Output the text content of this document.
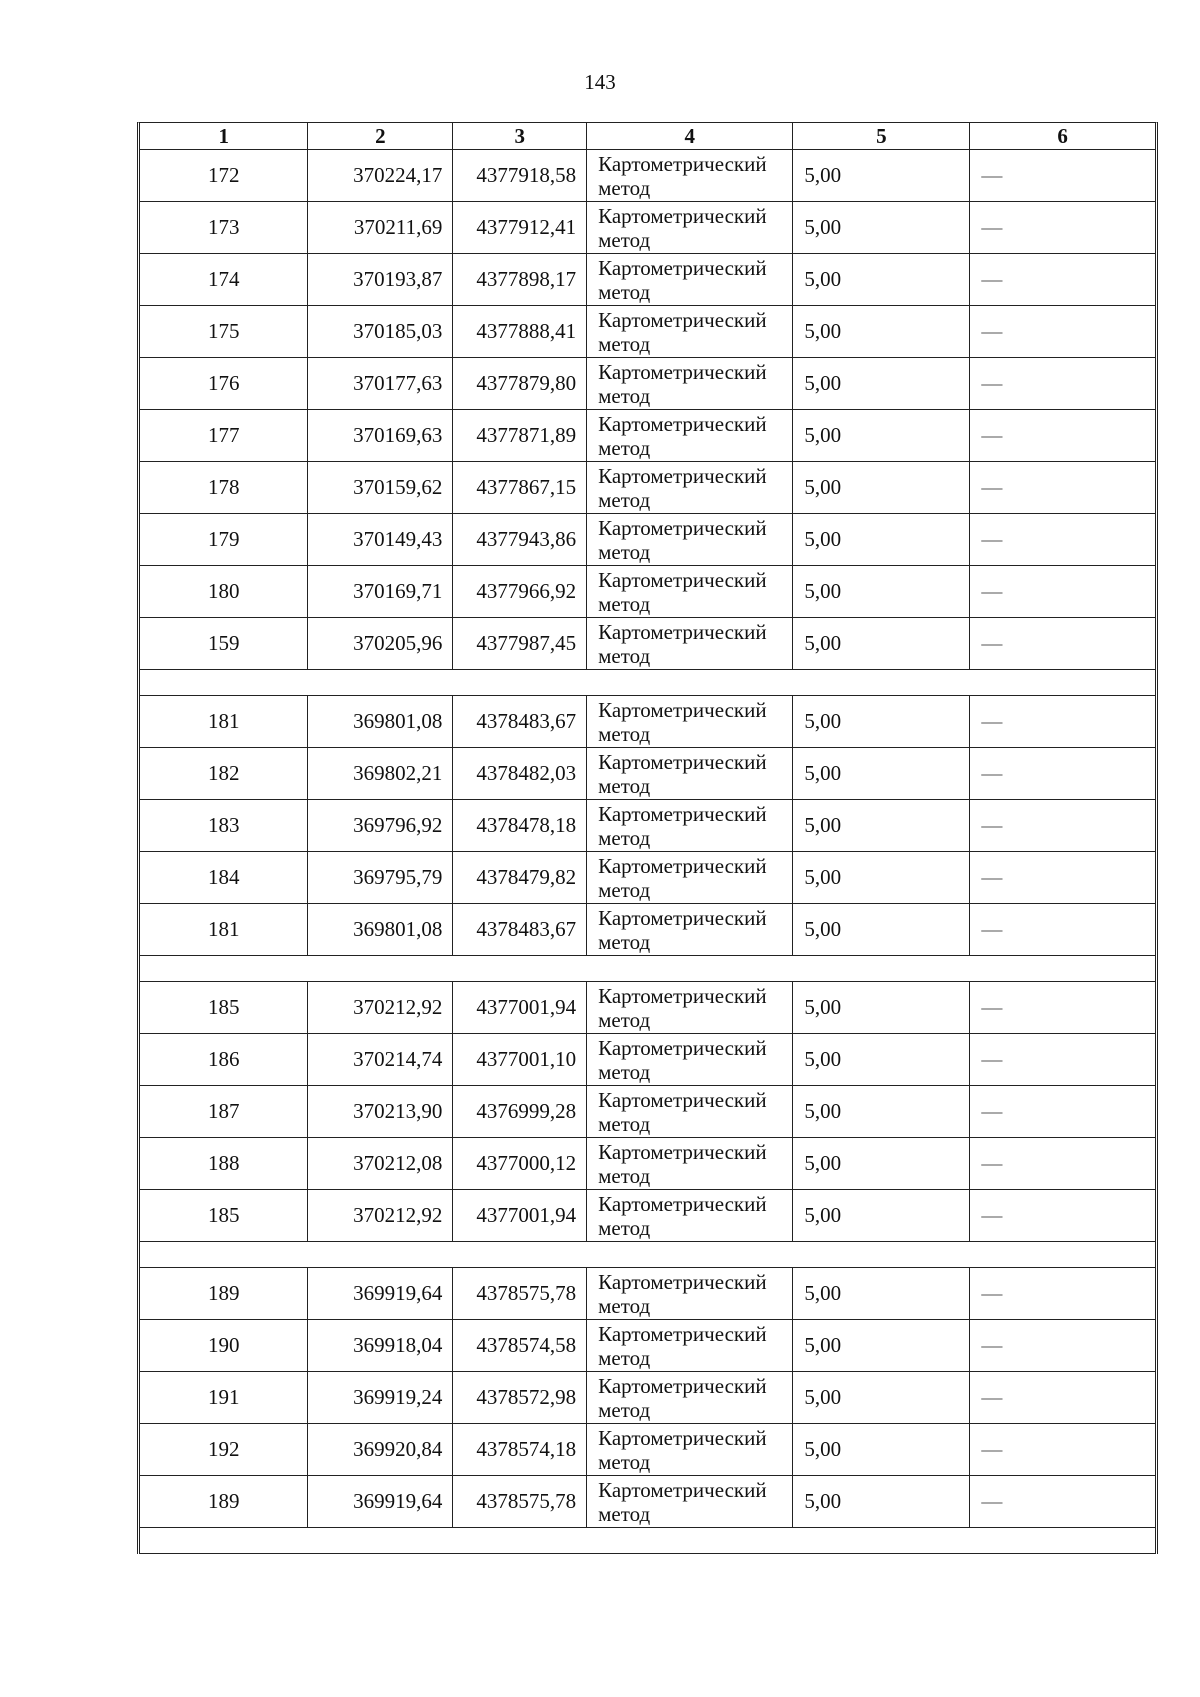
143
1	2	3	4	5	6
172	370224,17	4377918,58	Картометрический метод	5,00	—
173	370211,69	4377912,41	Картометрический метод	5,00	—
174	370193,87	4377898,17	Картометрический метод	5,00	—
175	370185,03	4377888,41	Картометрический метод	5,00	—
176	370177,63	4377879,80	Картометрический метод	5,00	—
177	370169,63	4377871,89	Картометрический метод	5,00	—
178	370159,62	4377867,15	Картометрический метод	5,00	—
179	370149,43	4377943,86	Картометрический метод	5,00	—
180	370169,71	4377966,92	Картометрический метод	5,00	—
159	370205,96	4377987,45	Картометрический метод	5,00	—

181	369801,08	4378483,67	Картометрический метод	5,00	—
182	369802,21	4378482,03	Картометрический метод	5,00	—
183	369796,92	4378478,18	Картометрический метод	5,00	—
184	369795,79	4378479,82	Картометрический метод	5,00	—
181	369801,08	4378483,67	Картометрический метод	5,00	—

185	370212,92	4377001,94	Картометрический метод	5,00	—
186	370214,74	4377001,10	Картометрический метод	5,00	—
187	370213,90	4376999,28	Картометрический метод	5,00	—
188	370212,08	4377000,12	Картометрический метод	5,00	—
185	370212,92	4377001,94	Картометрический метод	5,00	—

189	369919,64	4378575,78	Картометрический метод	5,00	—
190	369918,04	4378574,58	Картометрический метод	5,00	—
191	369919,24	4378572,98	Картометрический метод	5,00	—
192	369920,84	4378574,18	Картометрический метод	5,00	—
189	369919,64	4378575,78	Картометрический метод	5,00	—
